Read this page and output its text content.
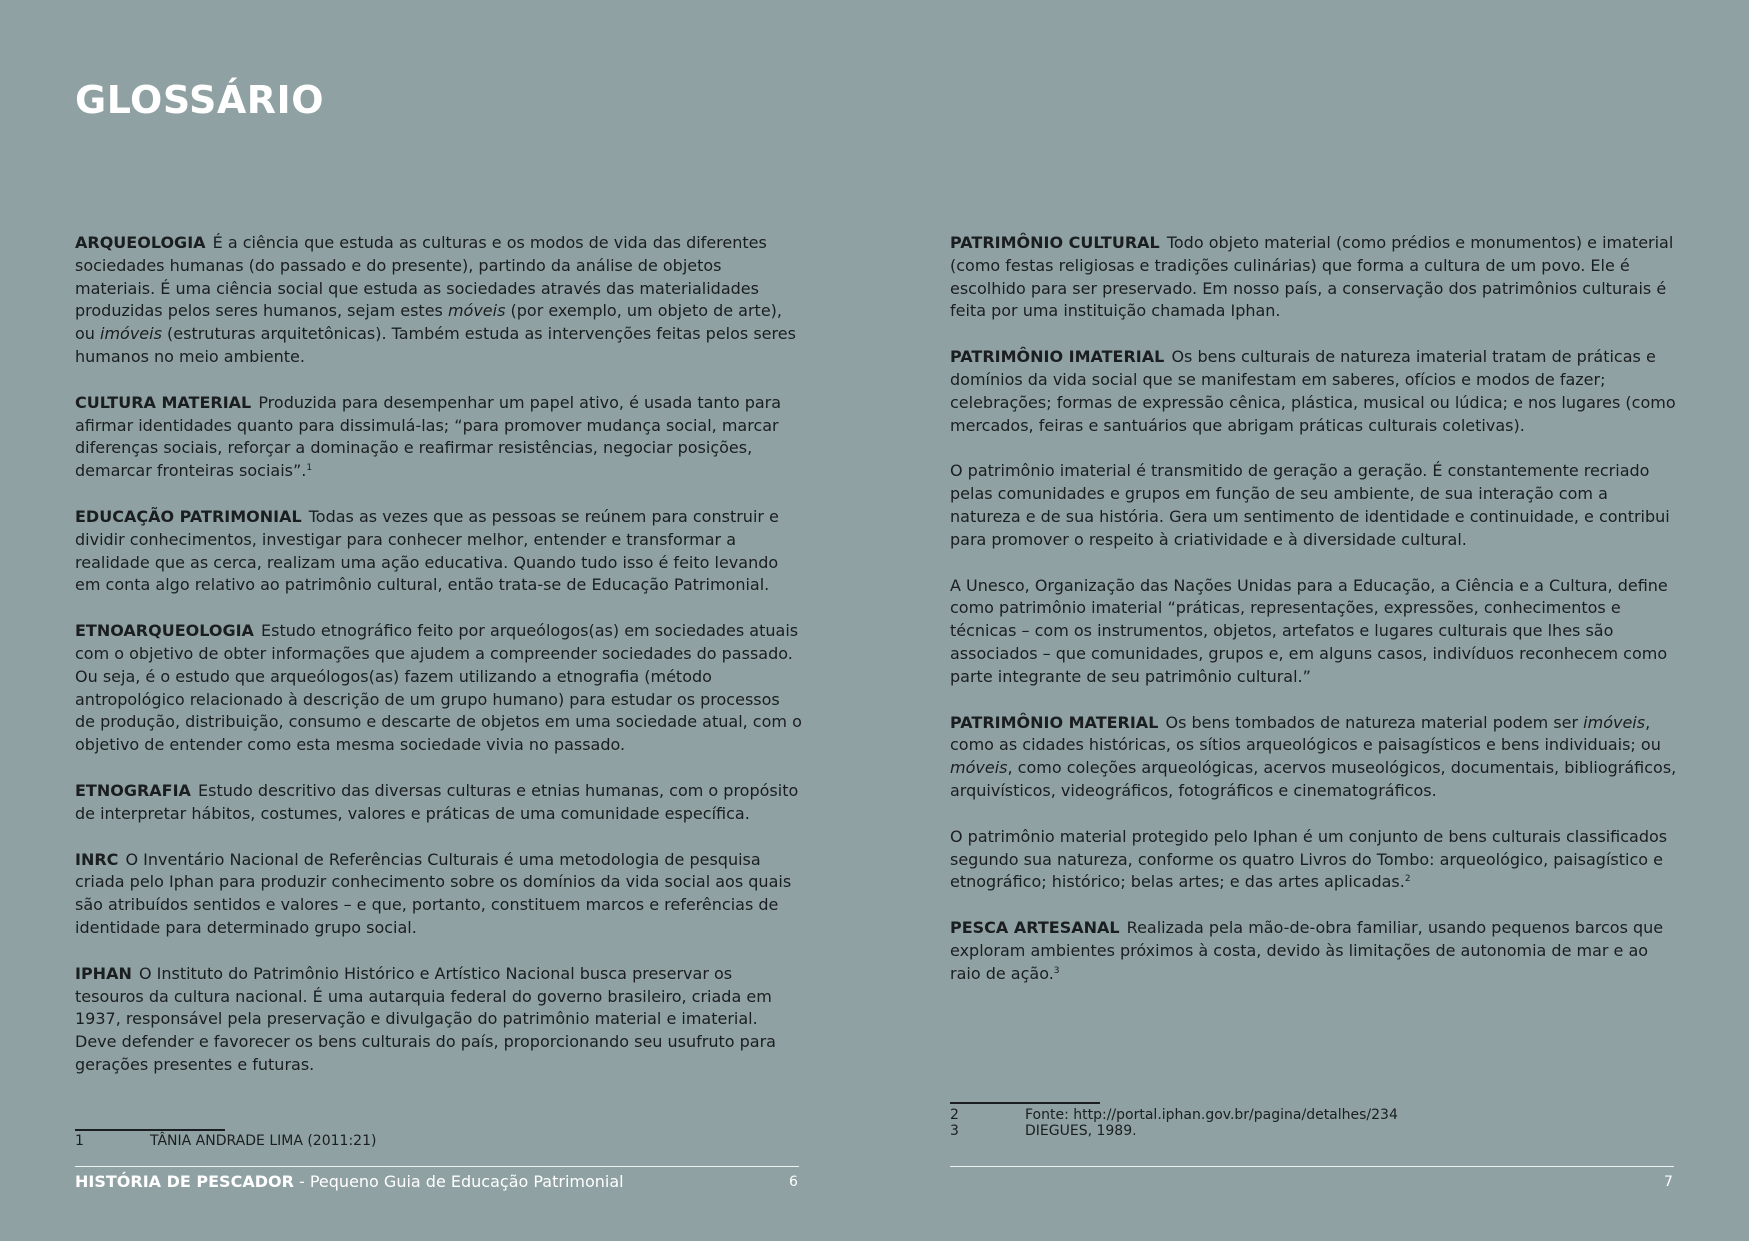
GLOSSÁRIO

ARQUEOLOGIA É a ciência que estuda as culturas e os modos de vida das diferentes sociedades humanas (do passado e do presente), partindo da análise de objetos materiais. É uma ciência social que estuda as sociedades através das materialidades produzidas pelos seres humanos, sejam estes móveis (por exemplo, um objeto de arte), ou imóveis (estruturas arquitetônicas). Também estuda as intervenções feitas pelos seres humanos no meio ambiente.

CULTURA MATERIAL Produzida para desempenhar um papel ativo, é usada tanto para afirmar identidades quanto para dissimulá-las; “para promover mudança social, marcar diferenças sociais, reforçar a dominação e reafirmar resistências, negociar posições, demarcar fronteiras sociais”.$^1$

EDUCAÇÃO PATRIMONIAL Todas as vezes que as pessoas se reúnem para construir e dividir conhecimentos, investigar para conhecer melhor, entender e transformar a realidade que as cerca, realizam uma ação educativa. Quando tudo isso é feito levando em conta algo relativo ao patrimônio cultural, então trata-se de Educação Patrimonial.

ETNOARQUEOLOGIA Estudo etnográfico feito por arqueólogos(as) em sociedades atuais com o objetivo de obter informações que ajudem a compreender sociedades do passado. Ou seja, é o estudo que arqueólogos(as) fazem utilizando a etnografia (método antropológico relacionado à descrição de um grupo humano) para estudar os processos de produção, distribuição, consumo e descarte de objetos em uma sociedade atual, com o objetivo de entender como esta mesma sociedade vivia no passado.

ETNOGRAFIA Estudo descritivo das diversas culturas e etnias humanas, com o propósito de interpretar hábitos, costumes, valores e práticas de uma comunidade específica.

INRC O Inventário Nacional de Referências Culturais é uma metodologia de pesquisa criada pelo Iphan para produzir conhecimento sobre os domínios da vida social aos quais são atribuídos sentidos e valores – e que, portanto, constituem marcos e referências de identidade para determinado grupo social.

IPHAN O Instituto do Patrimônio Histórico e Artístico Nacional busca preservar os tesouros da cultura nacional. É uma autarquia federal do governo brasileiro, criada em 1937, responsável pela preservação e divulgação do patrimônio material e imaterial. Deve defender e favorecer os bens culturais do país, proporcionando seu usufruto para gerações presentes e futuras.

PATRIMÔNIO CULTURAL Todo objeto material (como prédios e monumentos) e imaterial (como festas religiosas e tradições culinárias) que forma a cultura de um povo. Ele é escolhido para ser preservado. Em nosso país, a conservação dos patrimônios culturais é feita por uma instituição chamada Iphan.

PATRIMÔNIO IMATERIAL Os bens culturais de natureza imaterial tratam de práticas e domínios da vida social que se manifestam em saberes, ofícios e modos de fazer; celebrações; formas de expressão cênica, plástica, musical ou lúdica; e nos lugares (como mercados, feiras e santuários que abrigam práticas culturais coletivas).

O patrimônio imaterial é transmitido de geração a geração. É constantemente recriado pelas comunidades e grupos em função de seu ambiente, de sua interação com a natureza e de sua história. Gera um sentimento de identidade e continuidade, e contribui para promover o respeito à criatividade e à diversidade cultural.

A Unesco, Organização das Nações Unidas para a Educação, a Ciência e a Cultura, define como patrimônio imaterial “práticas, representações, expressões, conhecimentos e técnicas – com os instrumentos, objetos, artefatos e lugares culturais que lhes são associados – que comunidades, grupos e, em alguns casos, indivíduos reconhecem como parte integrante de seu patrimônio cultural.”

PATRIMÔNIO MATERIAL Os bens tombados de natureza material podem ser imóveis, como as cidades históricas, os sítios arqueológicos e paisagísticos e bens individuais; ou móveis, como coleções arqueológicas, acervos museológicos, documentais, bibliográficos, arquivísticos, videográficos, fotográficos e cinematográficos.

O patrimônio material protegido pelo Iphan é um conjunto de bens culturais classificados segundo sua natureza, conforme os quatro Livros do Tombo: arqueológico, paisagístico e etnográfico; histórico; belas artes; e das artes aplicadas.$^2$

PESCA ARTESANAL Realizada pela mão-de-obra familiar, usando pequenos barcos que exploram ambientes próximos à costa, devido às limitações de autonomia de mar e ao raio de ação.$^3$

1	TÂNIA ANDRADE LIMA (2011:21)
2	Fonte: http://portal.iphan.gov.br/pagina/detalhes/234
3	DIEGUES, 1989.
HISTÓRIA DE PESCADOR - Pequeno Guia de Educação Patrimonial	6	7
